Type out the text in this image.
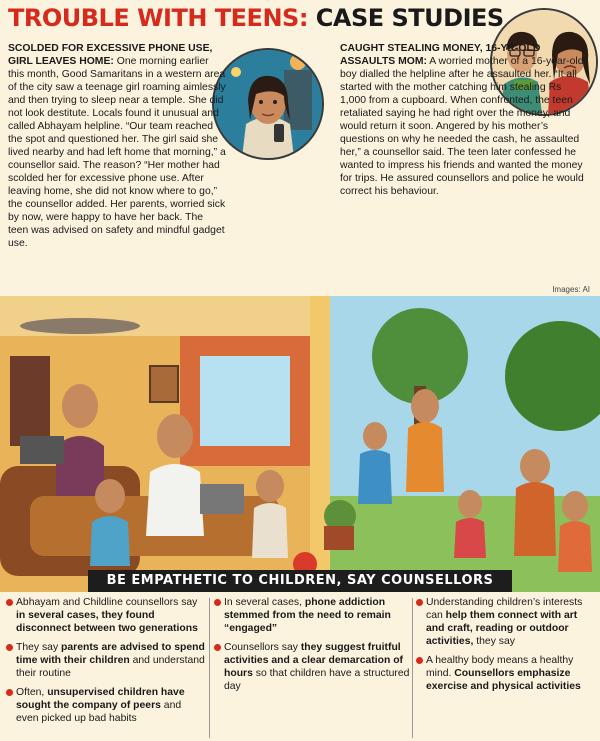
TROUBLE WITH TEENS: CASE STUDIES
SCOLDED FOR EXCESSIVE PHONE USE, GIRL LEAVES HOME: One morning earlier this month, Good Samaritans in a western area of the city saw a teenage girl roaming aimlessly and then trying to sleep near a temple. She did not look destitute. Locals found it unusual and called Abhayam helpline. “Our team reached the spot and questioned her. The girl said she lived nearby and had left home that morning,” a counsellor said. The reason? “Her mother had scolded her for excessive phone use. After leaving home, she did not know where to go,” the counsellor added. Her parents, worried sick by now, were happy to have her back. The teen was advised on safety and mindful gadget use.
CAUGHT STEALING MONEY, 16-YR-OLD ASSAULTS MOM: A worried mother of a 16-year-old boy dialled the helpline after he assaulted her. “It all started with the mother catching him stealing Rs 1,000 from a cupboard. When confronted, the teen retaliated saying he had right over the money, and would return it soon. Angered by his mother’s questions on why he needed the cash, he assaulted her,” a counsellor said. The teen later confessed he wanted to impress his friends and wanted the money for trips. He assured counsellors and police he would correct his behaviour.
Images: AI
BE EMPATHETIC TO CHILDREN, SAY COUNSELLORS
Abhayam and Childline counsellors say in several cases, they found disconnect between two generations
They say parents are advised to spend time with their children and understand their routine
Often, unsupervised children have sought the company of peers and even picked up bad habits
In several cases, phone addiction stemmed from the need to remain “engaged”
Counsellors say they suggest fruitful activities and a clear demarcation of hours so that children have a structured day
Understanding children’s interests can help them connect with art and craft, reading or outdoor activities, they say
A healthy body means a healthy mind. Counsellors emphasize exercise and physical activities
